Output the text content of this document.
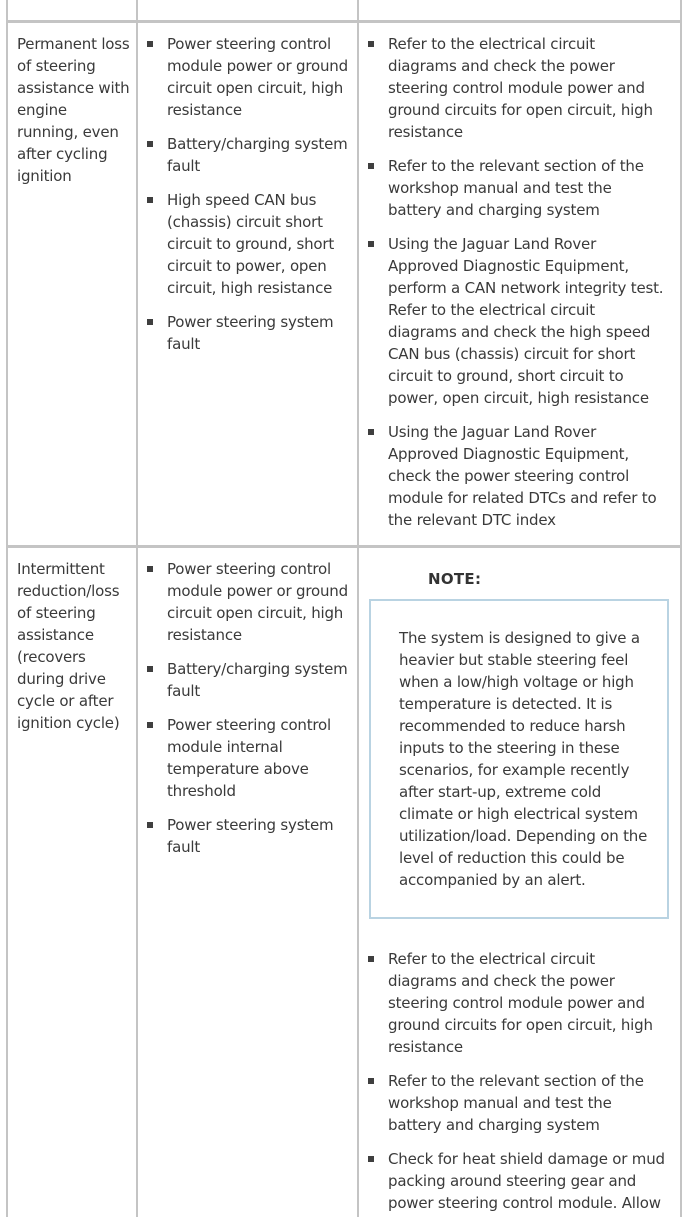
Permanent loss of steering assistance with engine running, even after cycling ignition
Power steering control module power or ground circuit open circuit, high resistance
Battery/charging system fault
High speed CAN bus (chassis) circuit short circuit to ground, short circuit to power, open circuit, high resistance
Power steering system fault
Refer to the electrical circuit diagrams and check the power steering control module power and ground circuits for open circuit, high resistance
Refer to the relevant section of the workshop manual and test the battery and charging system
Using the Jaguar Land Rover Approved Diagnostic Equipment, perform a CAN network integrity test. Refer to the electrical circuit diagrams and check the high speed CAN bus (chassis) circuit for short circuit to ground, short circuit to power, open circuit, high resistance
Using the Jaguar Land Rover Approved Diagnostic Equipment, check the power steering control module for related DTCs and refer to the relevant DTC index
Intermittent reduction/loss of steering assistance (recovers during drive cycle or after ignition cycle)
Power steering control module power or ground circuit open circuit, high resistance
Battery/charging system fault
Power steering control module internal temperature above threshold
Power steering system fault
NOTE:
The system is designed to give a heavier but stable steering feel when a low/high voltage or high temperature is detected. It is recommended to reduce harsh inputs to the steering in these scenarios, for example recently after start-up, extreme cold climate or high electrical system utilization/load. Depending on the level of reduction this could be accompanied by an alert.
Refer to the electrical circuit diagrams and check the power steering control module power and ground circuits for open circuit, high resistance
Refer to the relevant section of the workshop manual and test the battery and charging system
Check for heat shield damage or mud packing around steering gear and power steering control module. Allow
